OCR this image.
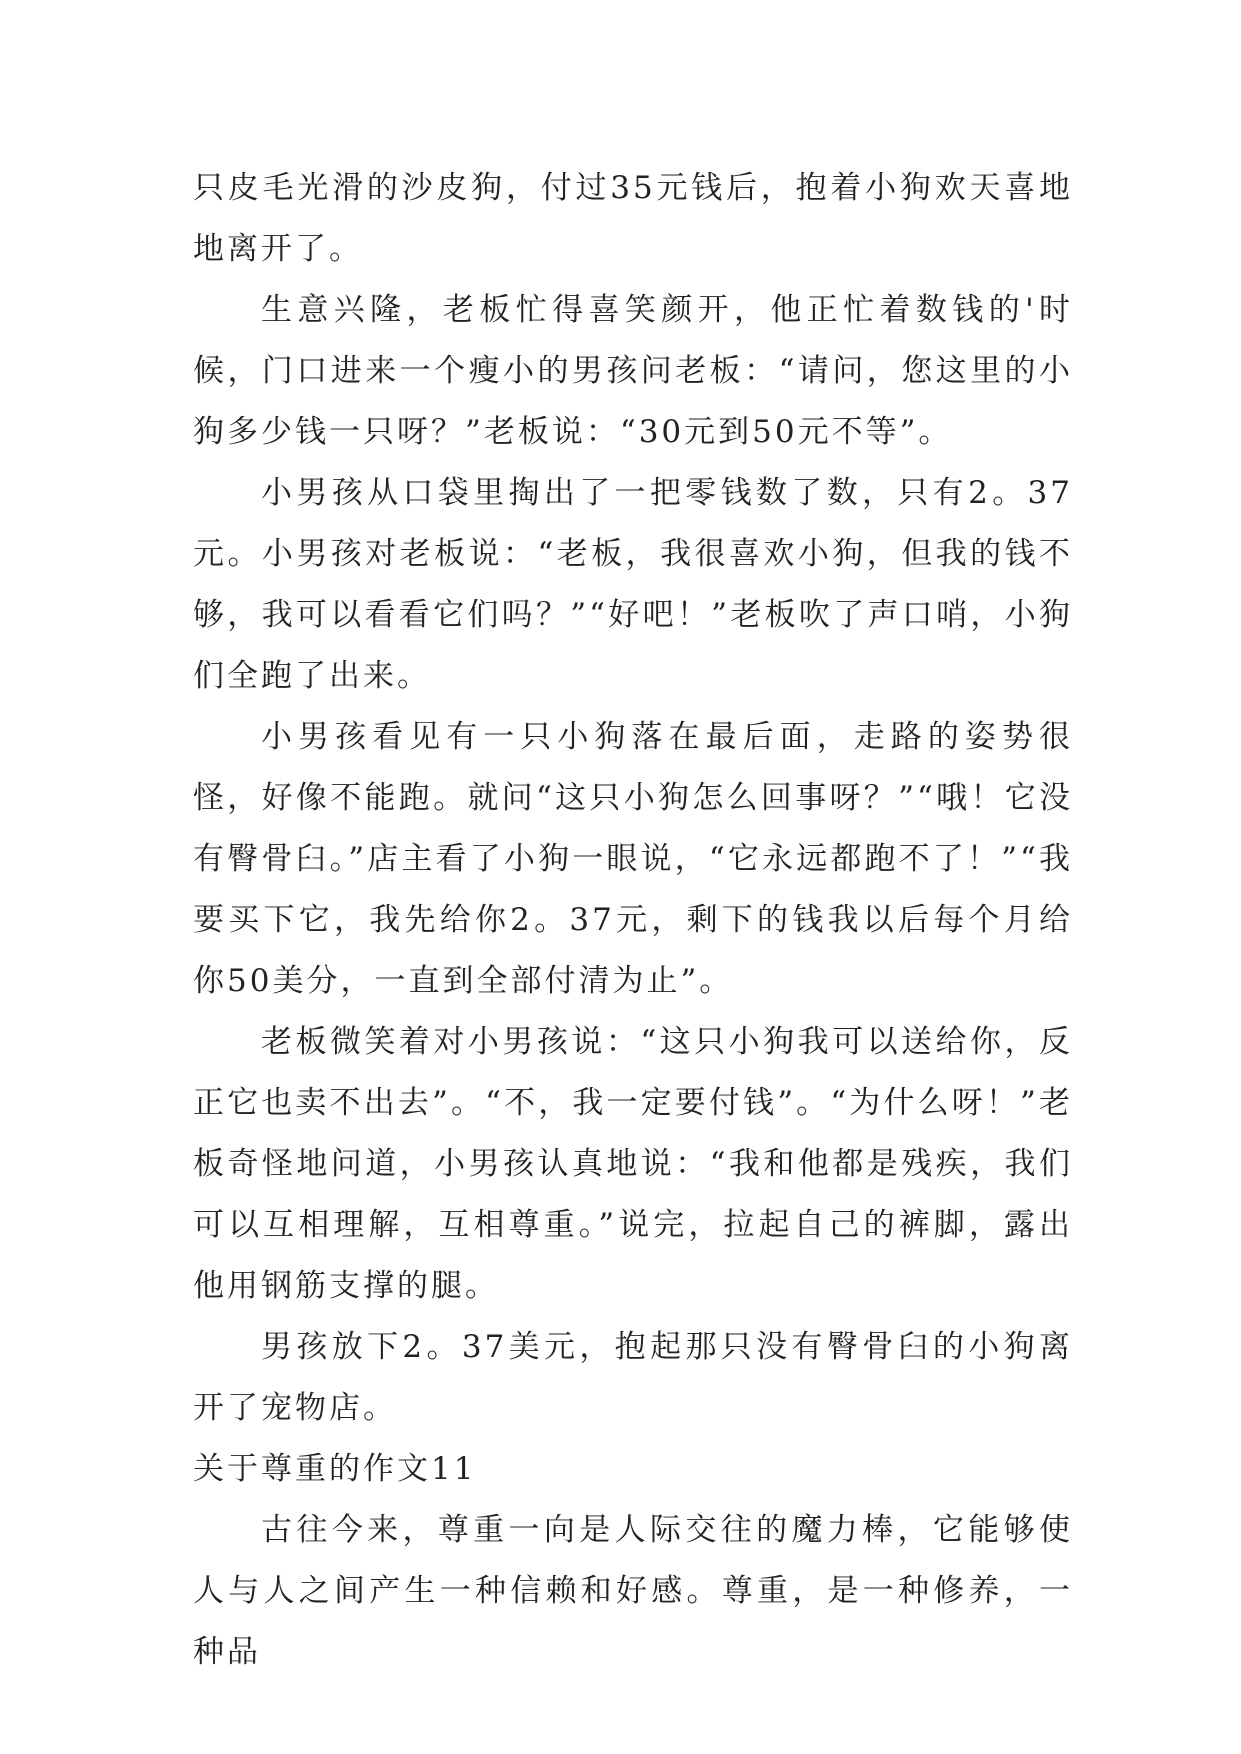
只皮毛光滑的沙皮狗，付过35元钱后，抱着小狗欢天喜地地离开了。

生意兴隆，老板忙得喜笑颜开，他正忙着数钱的'时候，门口进来一个瘦小的男孩问老板：“请问，您这里的小狗多少钱一只呀？”老板说：“30元到50元不等”。

小男孩从口袋里掏出了一把零钱数了数，只有2。37元。小男孩对老板说：“老板，我很喜欢小狗，但我的钱不够，我可以看看它们吗？”“好吧！”老板吹了声口哨，小狗们全跑了出来。

小男孩看见有一只小狗落在最后面，走路的姿势很怪，好像不能跑。就问“这只小狗怎么回事呀？”“哦！它没有臀骨臼。”店主看了小狗一眼说，“它永远都跑不了！”“我要买下它，我先给你2。37元，剩下的钱我以后每个月给你50美分，一直到全部付清为止”。

老板微笑着对小男孩说：“这只小狗我可以送给你，反正它也卖不出去”。“不，我一定要付钱”。“为什么呀！”老板奇怪地问道，小男孩认真地说：“我和他都是残疾，我们可以互相理解，互相尊重。”说完，拉起自己的裤脚，露出他用钢筋支撑的腿。

男孩放下2。37美元，抱起那只没有臀骨臼的小狗离开了宠物店。

关于尊重的作文11

古往今来，尊重一向是人际交往的魔力棒，它能够使人与人之间产生一种信赖和好感。尊重，是一种修养，一种品
